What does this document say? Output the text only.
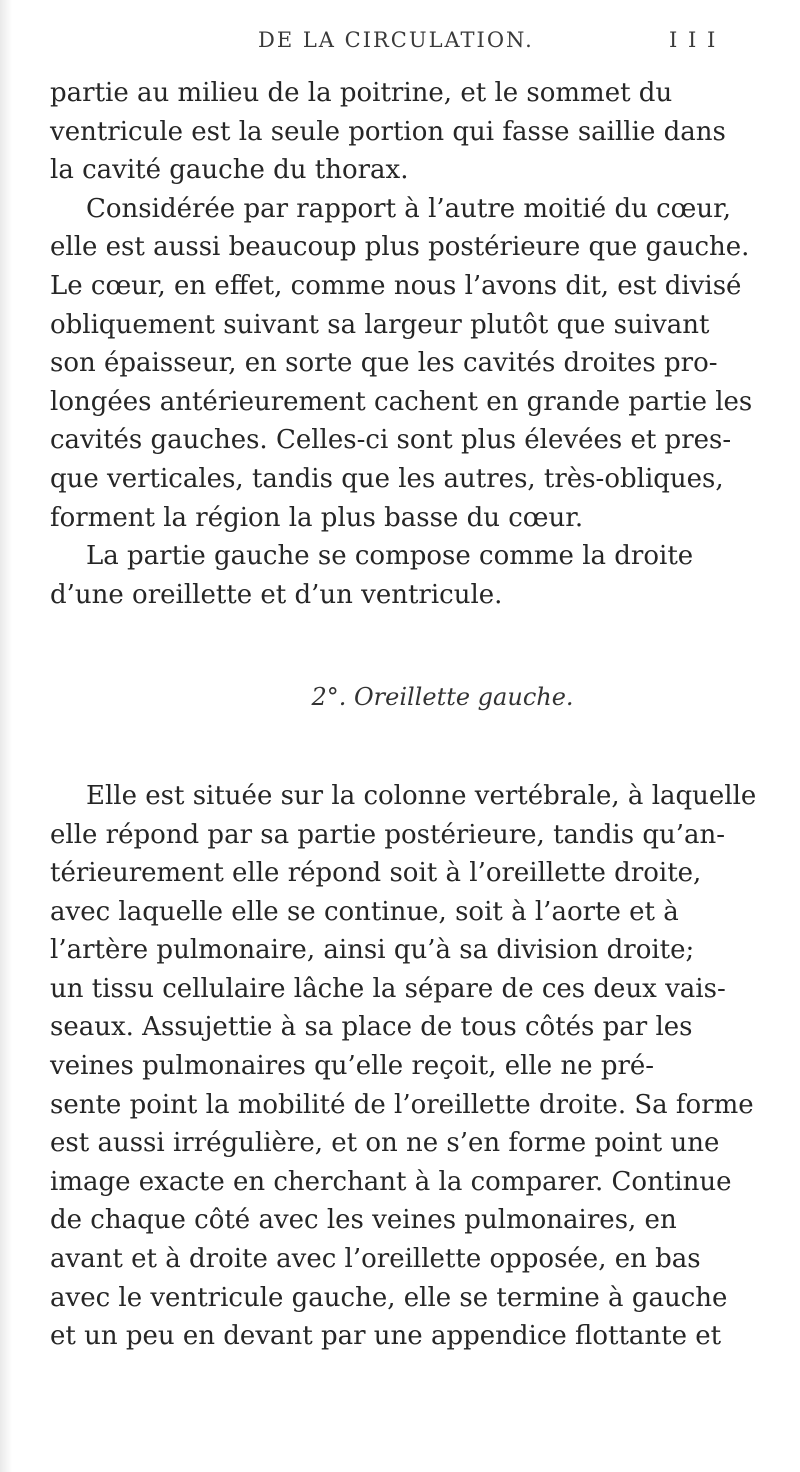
DE LA CIRCULATION.	I I I

partie au milieu de la poitrine, et le sommet du
ventricule est la seule portion qui fasse saillie dans
la cavité gauche du thorax.

Considérée par rapport à l’autre moitié du cœur,
elle est aussi beaucoup plus postérieure que gauche.
Le cœur, en effet, comme nous l’avons dit, est divisé
obliquement suivant sa largeur plutôt que suivant
son épaisseur, en sorte que les cavités droites pro-
longées antérieurement cachent en grande partie les
cavités gauches. Celles-ci sont plus élevées et pres-
que verticales, tandis que les autres, très-obliques,
forment la région la plus basse du cœur.

La partie gauche se compose comme la droite
d’une oreillette et d’un ventricule.

2°. Oreillette gauche.

Elle est située sur la colonne vertébrale, à laquelle
elle répond par sa partie postérieure, tandis qu’an-
térieurement elle répond soit à l’oreillette droite,
avec laquelle elle se continue, soit à l’aorte et à
l’artère pulmonaire, ainsi qu’à sa division droite;
un tissu cellulaire lâche la sépare de ces deux vais-
seaux. Assujettie à sa place de tous côtés par les
veines pulmonaires qu’elle reçoit, elle ne pré-
sente point la mobilité de l’oreillette droite. Sa forme
est aussi irrégulière, et on ne s’en forme point une
image exacte en cherchant à la comparer. Continue
de chaque côté avec les veines pulmonaires, en
avant et à droite avec l’oreillette opposée, en bas
avec le ventricule gauche, elle se termine à gauche
et un peu en devant par une appendice flottante et
